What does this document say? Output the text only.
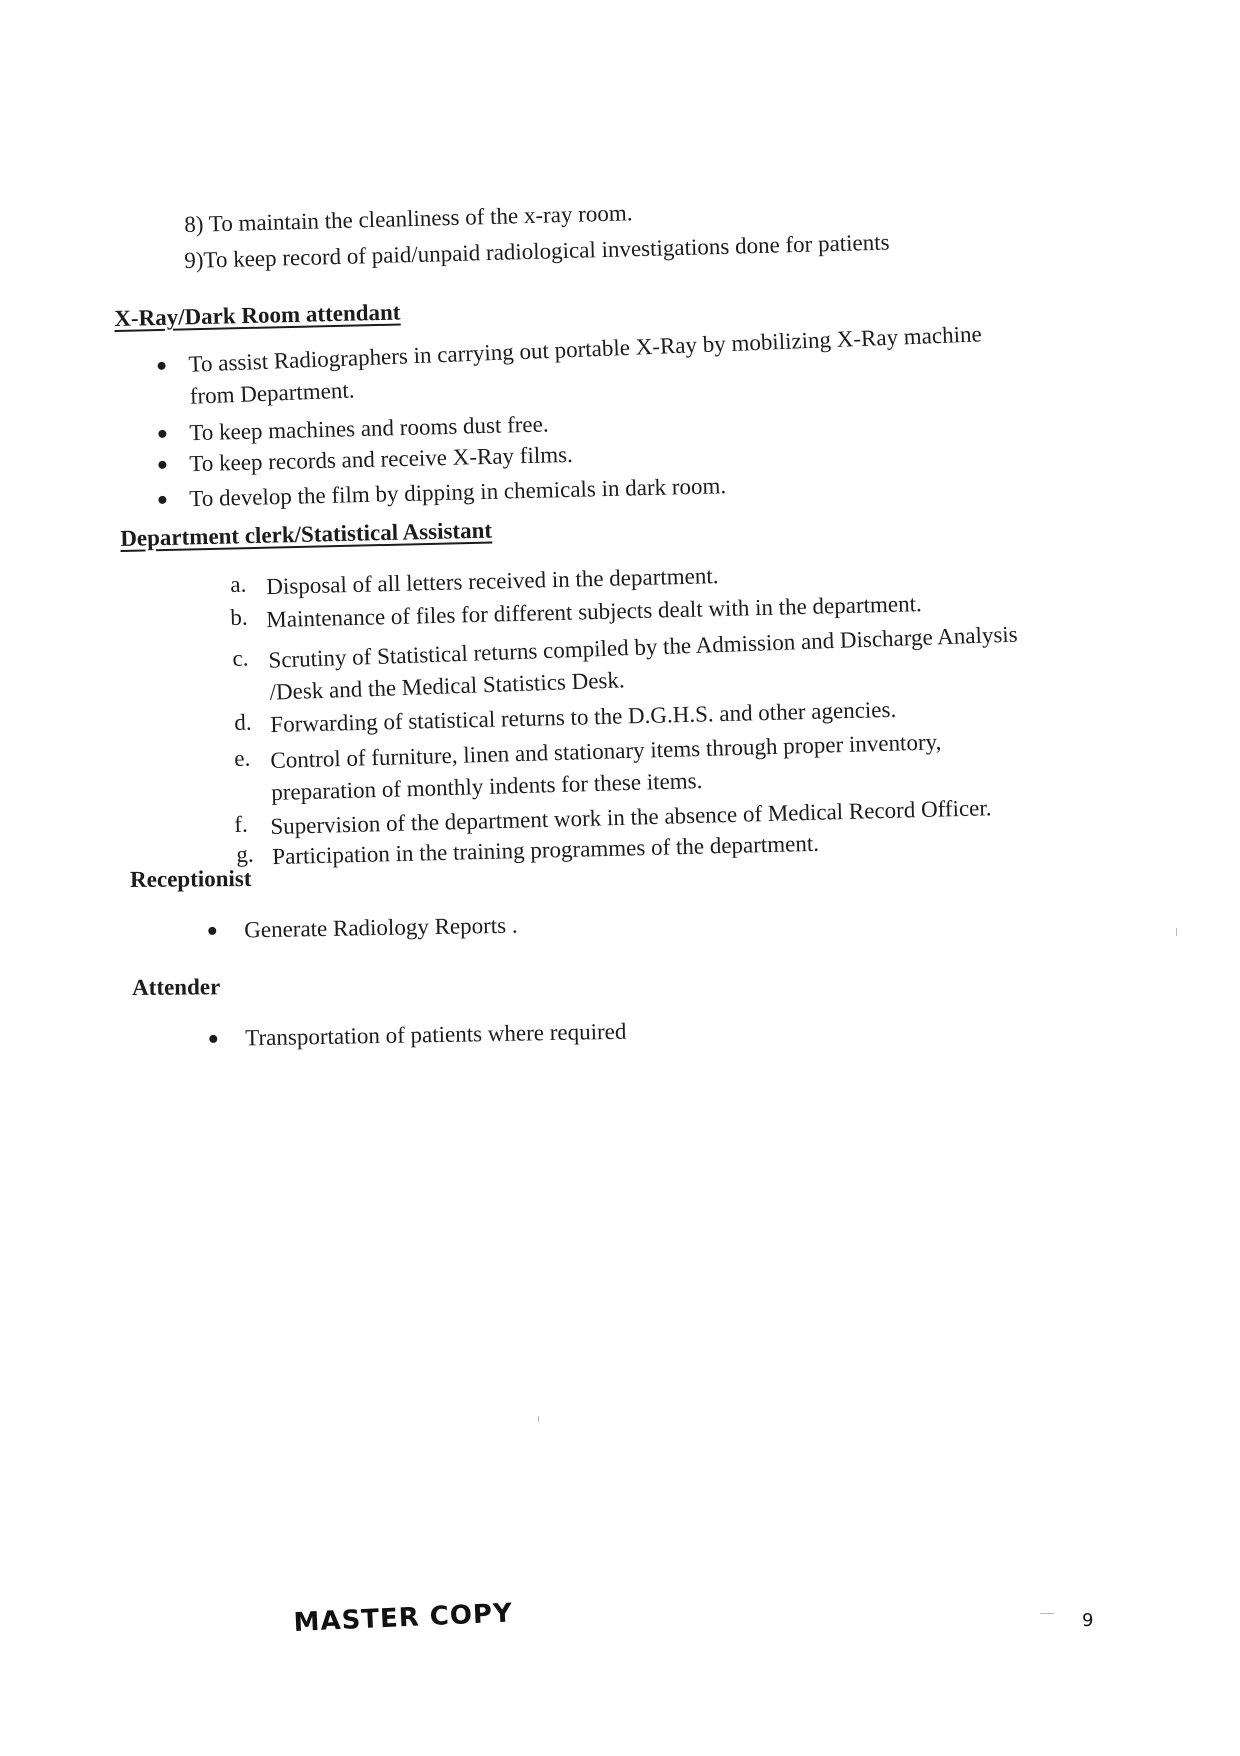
8) To maintain the cleanliness of the x-ray room.
9)To keep record of paid/unpaid radiological investigations done for patients
X-Ray/Dark Room attendant
To assist Radiographers in carrying out portable X-Ray by mobilizing X-Ray machine
from Department.
To keep machines and rooms dust free.
To keep records and receive X-Ray films.
To develop the film by dipping in chemicals in dark room.
Department clerk/Statistical Assistant
a. Disposal of all letters received in the department.
b. Maintenance of files for different subjects dealt with in the department.
c. Scrutiny of Statistical returns compiled by the Admission and Discharge Analysis
/Desk and the Medical Statistics Desk.
d. Forwarding of statistical returns to the D.G.H.S. and other agencies.
e. Control of furniture, linen and stationary items through proper inventory,
preparation of monthly indents for these items.
f. Supervision of the department work in the absence of Medical Record Officer.
g. Participation in the training programmes of the department.
Receptionist
Generate Radiology Reports .
Attender
Transportation of patients where required
MASTER COPY	9
